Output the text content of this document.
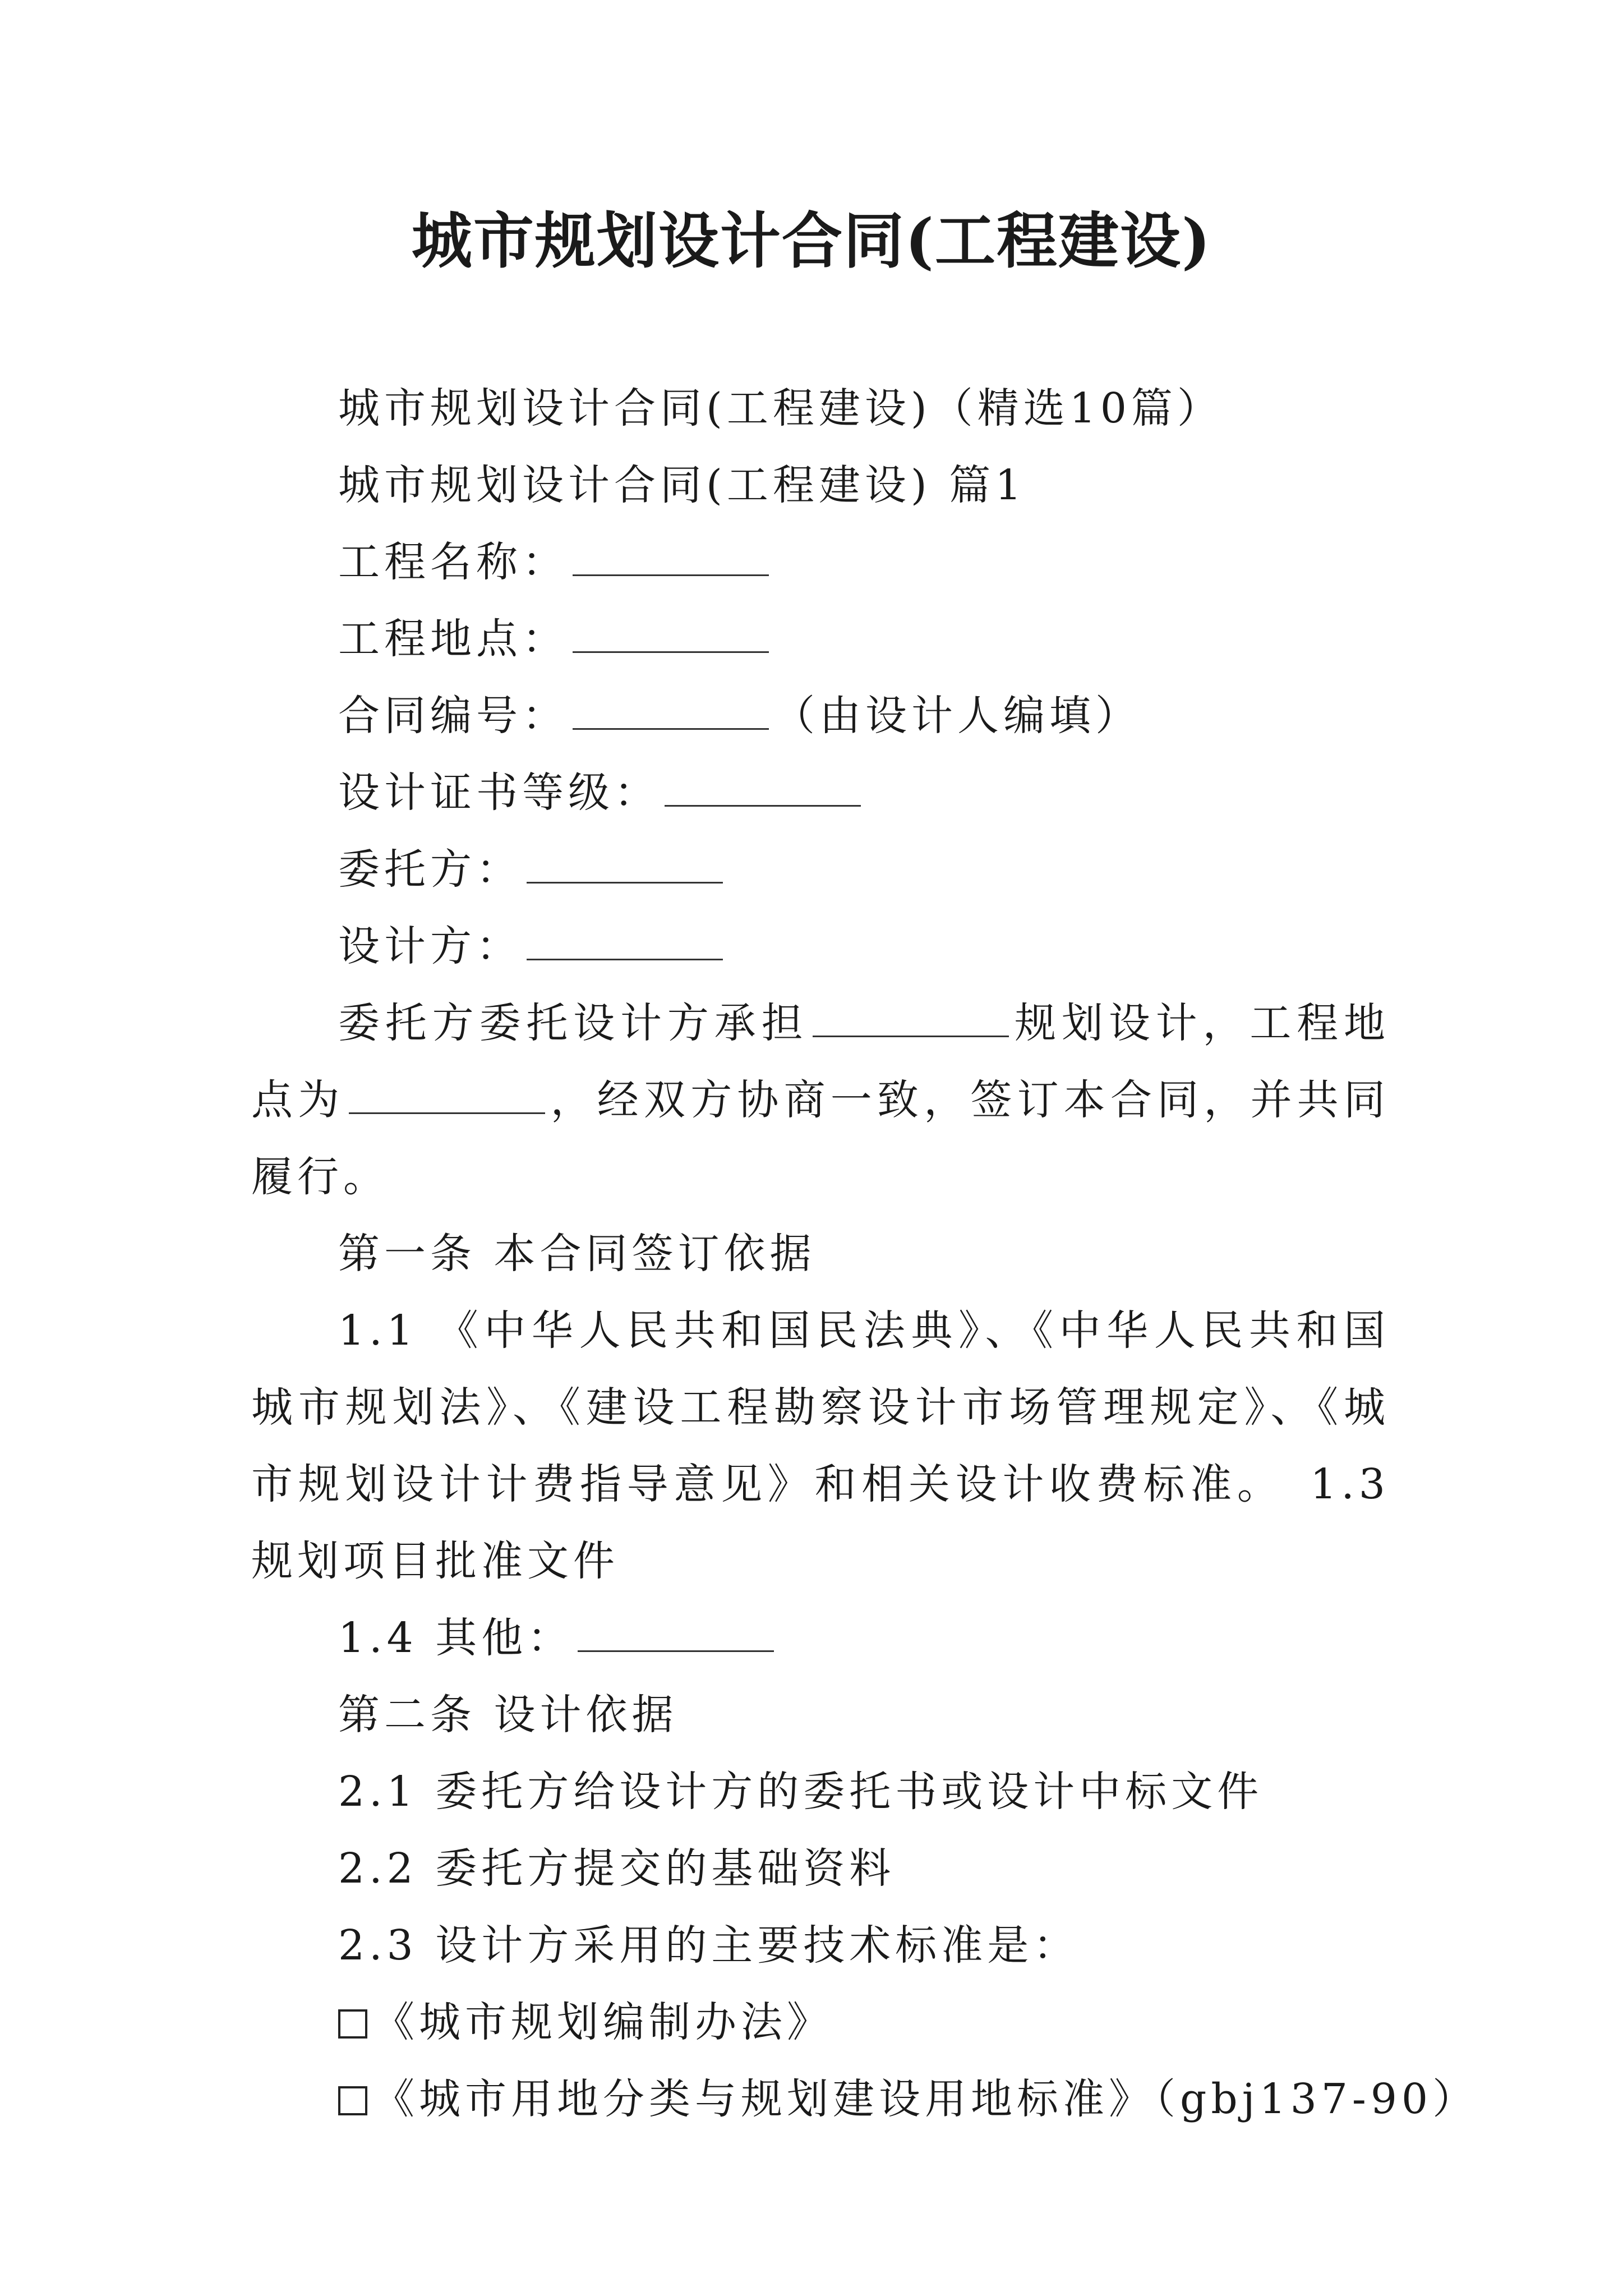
城市规划设计合同(工程建设)

城市规划设计合同(工程建设)（精选10篇）

城市规划设计合同(工程建设) 篇1

工程名称：

工程地点：

合同编号：	（由设计人编填）

设计证书等级：

委托方：

设计方：

委托方委托设计方承担	规划设计，工程地点为	，经双方协商一致，签订本合同，并共同履行。

第一条 本合同签订依据

1.1 《中华人民共和国民法典》、《中华人民共和国城市规划法》、《建设工程勘察设计市场管理规定》、《城市规划设计计费指导意见》和相关设计收费标准。　1.3 规划项目批准文件

1.4 其他：

第二条 设计依据

2.1 委托方给设计方的委托书或设计中标文件

2.2 委托方提交的基础资料

2.3 设计方采用的主要技术标准是：

《城市规划编制办法》

《城市用地分类与规划建设用地标准》（gbj137-90）
